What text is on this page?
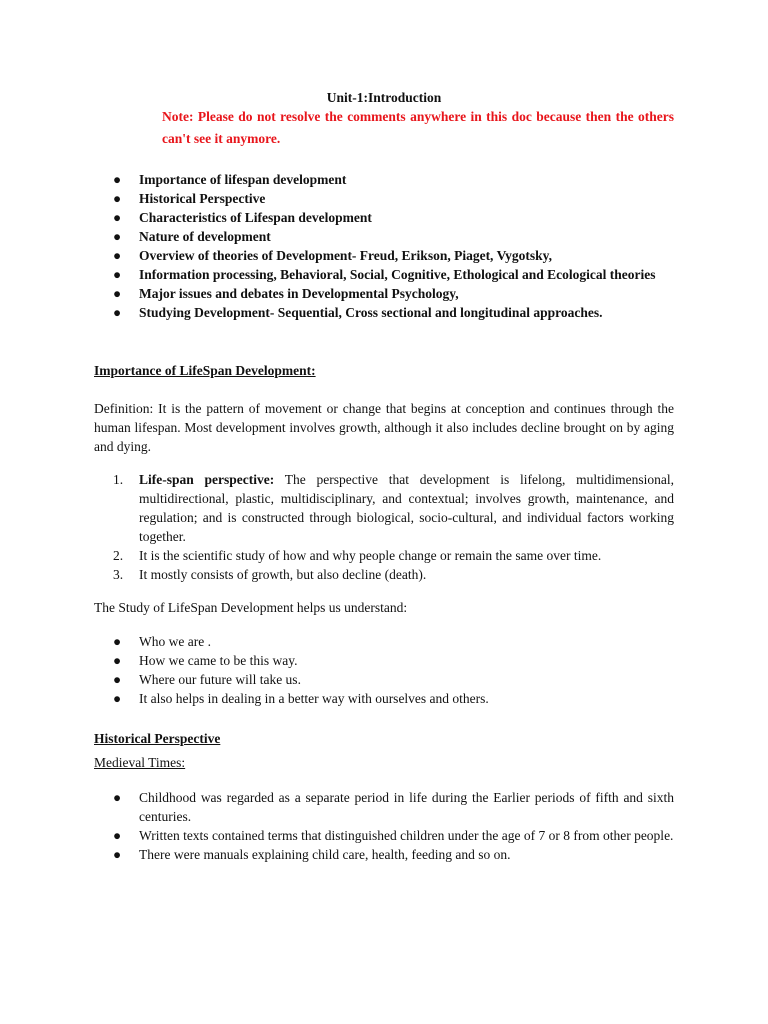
Unit-1:Introduction
Note: Please do not resolve the comments anywhere in this doc because then the others can't see it anymore.
● Importance of lifespan development
● Historical Perspective
● Characteristics of Lifespan development
● Nature of development
● Overview of theories of Development- Freud, Erikson, Piaget, Vygotsky,
● Information processing, Behavioral, Social, Cognitive, Ethological and Ecological theories
● Major issues and debates in Developmental Psychology,
● Studying Development- Sequential, Cross sectional and longitudinal approaches.
Importance of LifeSpan Development:
Definition: It is the pattern of movement or change that begins at conception and continues through the human lifespan. Most development involves growth, although it also includes decline brought on by aging and dying.
1. Life-span perspective: The perspective that development is lifelong, multidimensional, multidirectional, plastic, multidisciplinary, and contextual; involves growth, maintenance, and regulation; and is constructed through biological, socio-cultural, and individual factors working together.
2. It is the scientific study of how and why people change or remain the same over time.
3. It mostly consists of growth, but also decline (death).
The Study of LifeSpan Development helps us understand:
● Who we are .
● How we came to be this way.
● Where our future will take us.
● It also helps in dealing in a better way with ourselves and others.
Historical Perspective
Medieval Times:
● Childhood was regarded as a separate period in life during the Earlier periods of fifth and sixth centuries.
● Written texts contained terms that distinguished children under the age of 7 or 8 from other people.
● There were manuals explaining child care, health, feeding and so on.
